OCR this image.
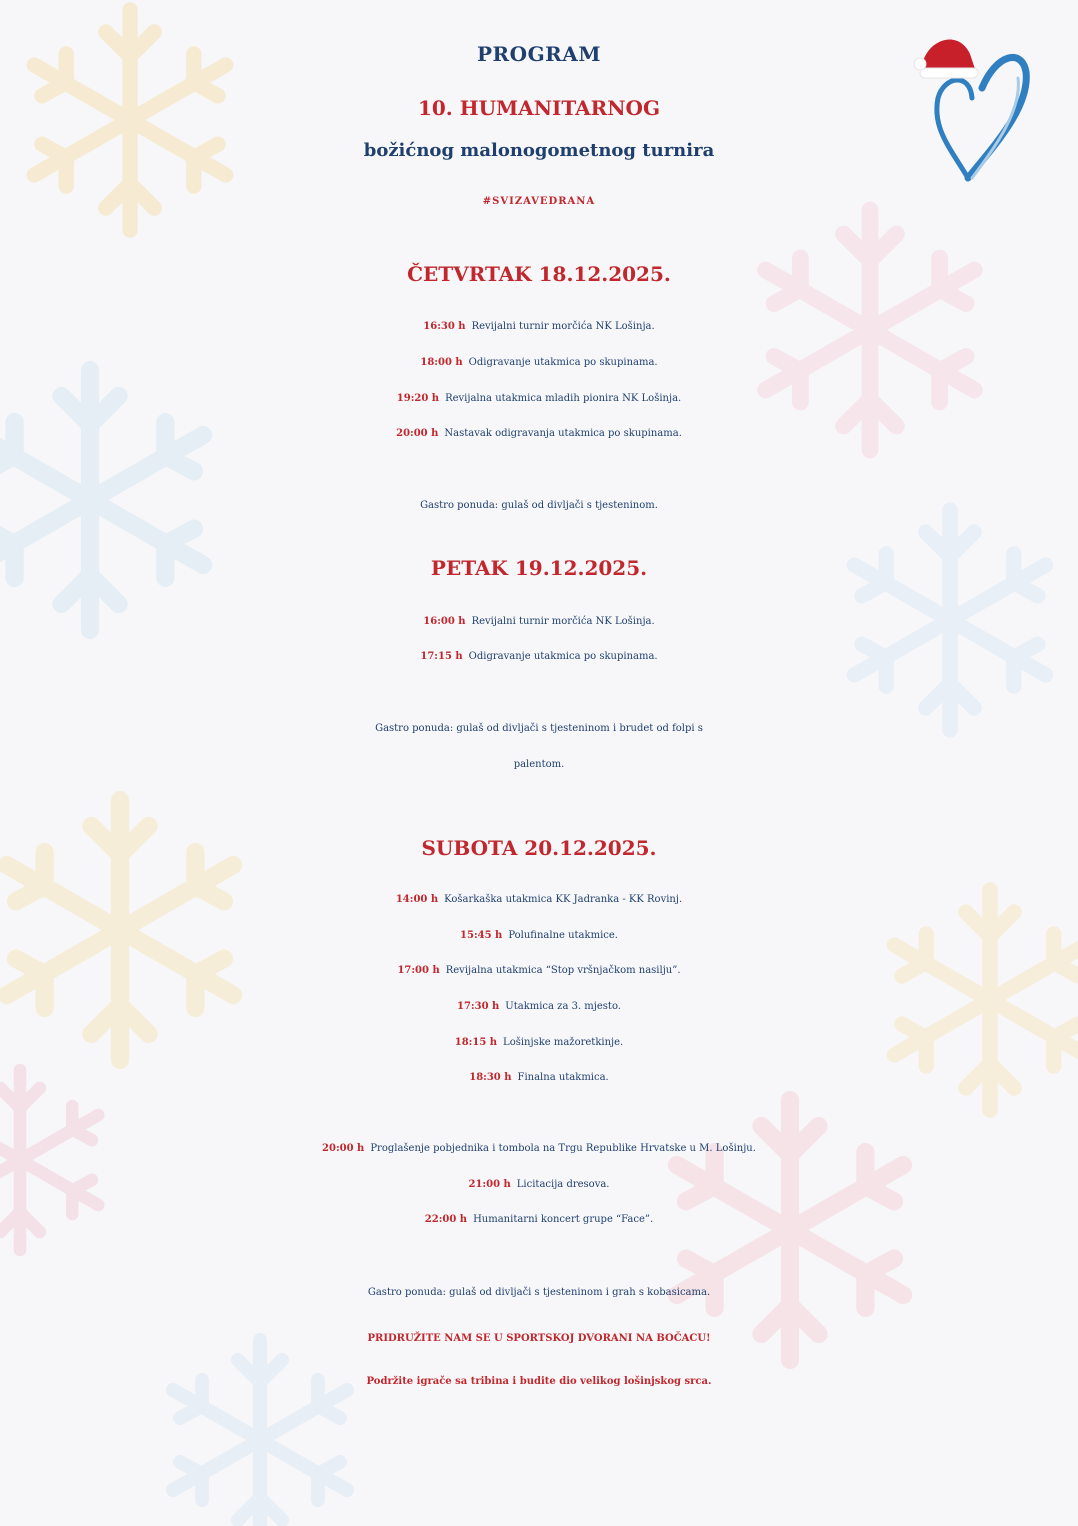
PROGRAM
10. HUMANITARNOG
božićnog malonogometnog turnira
#SVIZAVEDRANA
ČETVRTAK 18.12.2025.
16:30 h Revijalni turnir morčića NK Lošinja.
18:00 h Odigravanje utakmica po skupinama.
19:20 h Revijalna utakmica mladih pionira NK Lošinja.
20:00 h Nastavak odigravanja utakmica po skupinama.
Gastro ponuda: gulaš od divljači s tjesteninom.
PETAK 19.12.2025.
16:00 h Revijalni turnir morčića NK Lošinja.
17:15 h Odigravanje utakmica po skupinama.
Gastro ponuda: gulaš od divljači s tjesteninom i brudet od folpi s
palentom.
SUBOTA 20.12.2025.
14:00 h Košarkaška utakmica KK Jadranka - KK Rovinj.
15:45 h Polufinalne utakmice.
17:00 h Revijalna utakmica “Stop vršnjačkom nasilju”.
17:30 h Utakmica za 3. mjesto.
18:15 h Lošinjske mažoretkinje.
18:30 h Finalna utakmica.
20:00 h Proglašenje pobjednika i tombola na Trgu Republike Hrvatske u M. Lošinju.
21:00 h Licitacija dresova.
22:00 h Humanitarni koncert grupe “Face”.
Gastro ponuda: gulaš od divljači s tjesteninom i grah s kobasicama.
PRIDRUŽITE NAM SE U SPORTSKOJ DVORANI NA BOČACU!
Podržite igrače sa tribina i budite dio velikog lošinjskog srca.
